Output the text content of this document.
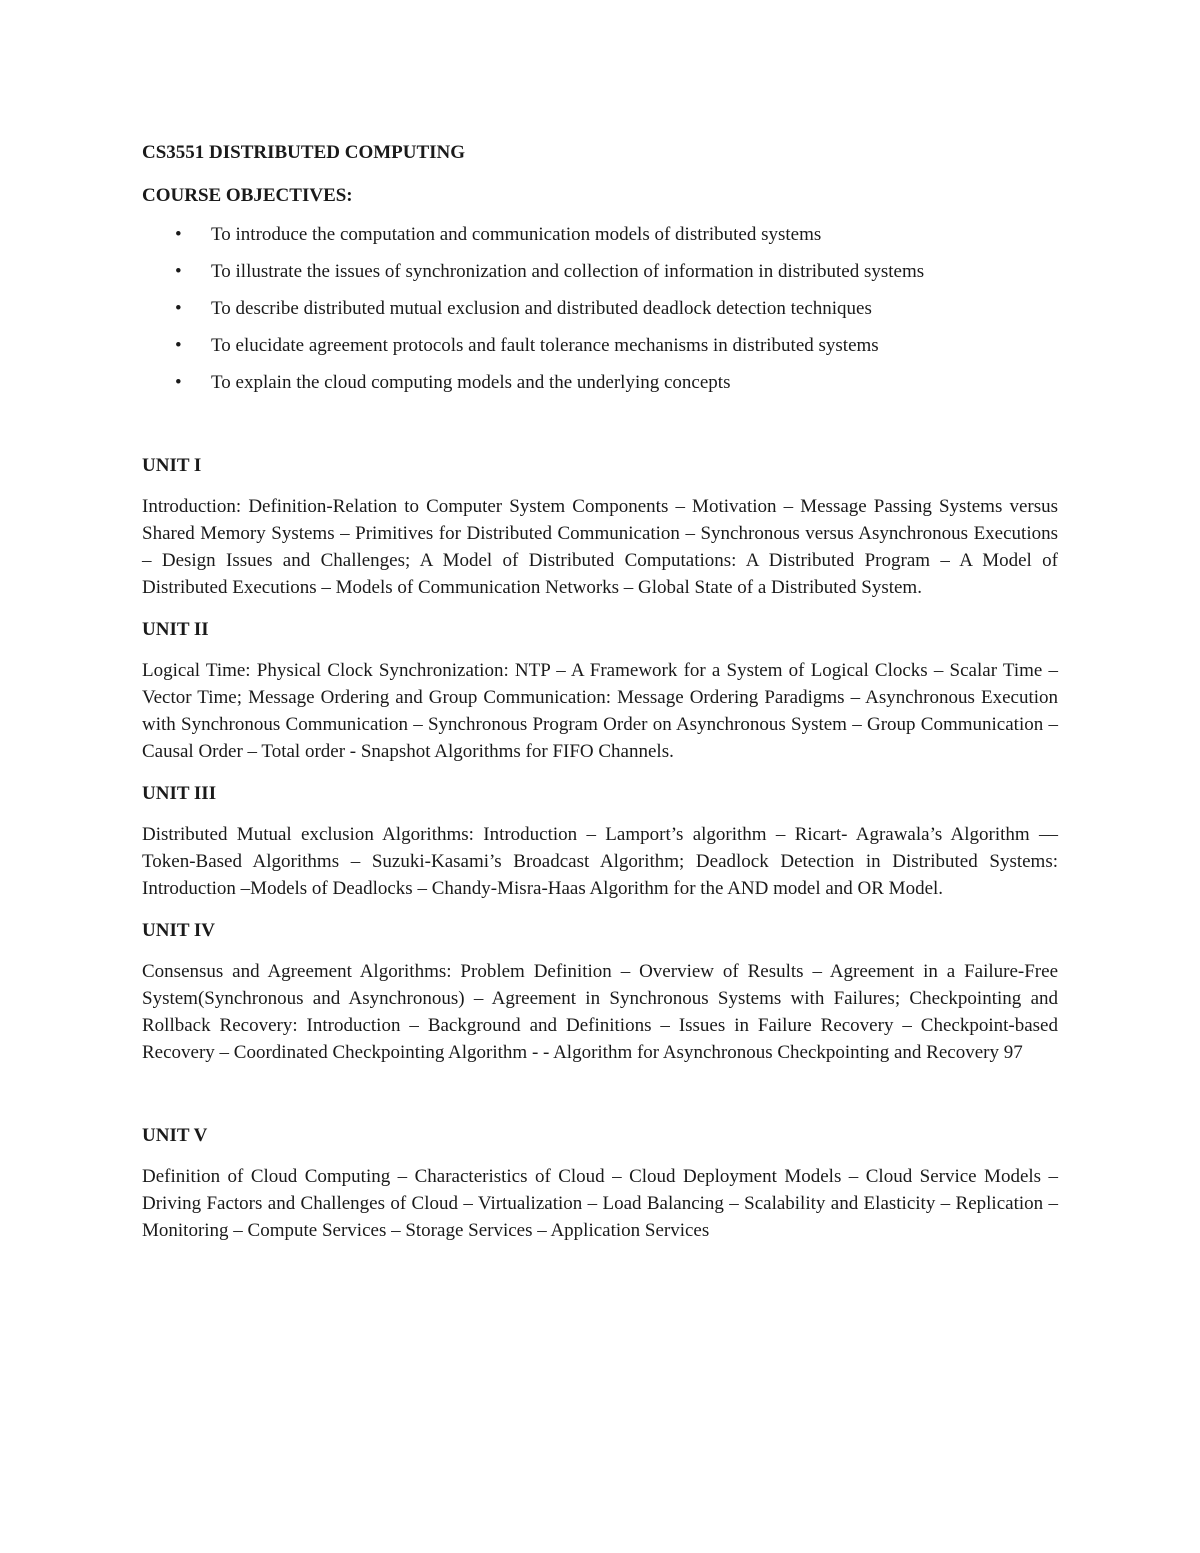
CS3551 DISTRIBUTED COMPUTING
COURSE OBJECTIVES:
• To introduce the computation and communication models of distributed systems
• To illustrate the issues of synchronization and collection of information in distributed systems
• To describe distributed mutual exclusion and distributed deadlock detection techniques
• To elucidate agreement protocols and fault tolerance mechanisms in distributed systems
• To explain the cloud computing models and the underlying concepts
UNIT I
Introduction: Definition-Relation to Computer System Components – Motivation – Message Passing Systems versus Shared Memory Systems – Primitives for Distributed Communication – Synchronous versus Asynchronous Executions – Design Issues and Challenges; A Model of Distributed Computations: A Distributed Program – A Model of Distributed Executions – Models of Communication Networks – Global State of a Distributed System.
UNIT II
Logical Time: Physical Clock Synchronization: NTP – A Framework for a System of Logical Clocks – Scalar Time – Vector Time; Message Ordering and Group Communication: Message Ordering Paradigms – Asynchronous Execution with Synchronous Communication – Synchronous Program Order on Asynchronous System – Group Communication – Causal Order – Total order - Snapshot Algorithms for FIFO Channels.
UNIT III
Distributed Mutual exclusion Algorithms: Introduction – Lamport’s algorithm – Ricart- Agrawala’s Algorithm –– Token-Based Algorithms – Suzuki-Kasami’s Broadcast Algorithm; Deadlock Detection in Distributed Systems: Introduction –Models of Deadlocks – Chandy-Misra-Haas Algorithm for the AND model and OR Model.
UNIT IV
Consensus and Agreement Algorithms: Problem Definition – Overview of Results – Agreement in a Failure-Free System(Synchronous and Asynchronous) – Agreement in Synchronous Systems with Failures; Checkpointing and Rollback Recovery: Introduction – Background and Definitions – Issues in Failure Recovery – Checkpoint-based Recovery – Coordinated Checkpointing Algorithm - - Algorithm for Asynchronous Checkpointing and Recovery 97
UNIT V
Definition of Cloud Computing – Characteristics of Cloud – Cloud Deployment Models – Cloud Service Models – Driving Factors and Challenges of Cloud – Virtualization – Load Balancing – Scalability and Elasticity – Replication – Monitoring – Compute Services – Storage Services – Application Services
